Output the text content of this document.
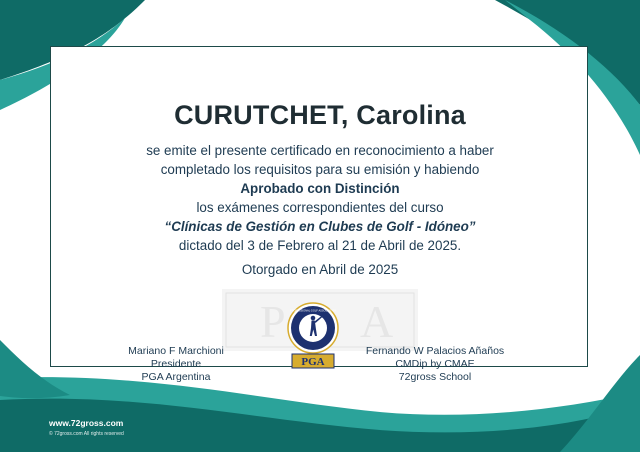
P A
CURUTCHET, Carolina
se emite el presente certificado en reconocimiento a haber
completado los requisitos para su emisión y habiendo
Aprobado con Distinción
los exámenes correspondientes del curso
“Clínicas de Gestión en Clubes de Golf - Idóneo”
dictado del 3 de Febrero al 21 de Abril de 2025.
Otorgado en Abril de 2025
Mariano F Marchioni
Presidente
PGA Argentina
PROFESSIONAL GOLF ASSOCIATION
PGA
Fernando W Palacios Añaños
CMDip by CMAE
72gross School
www.72gross.com
© 72gross.com All rights reserved
